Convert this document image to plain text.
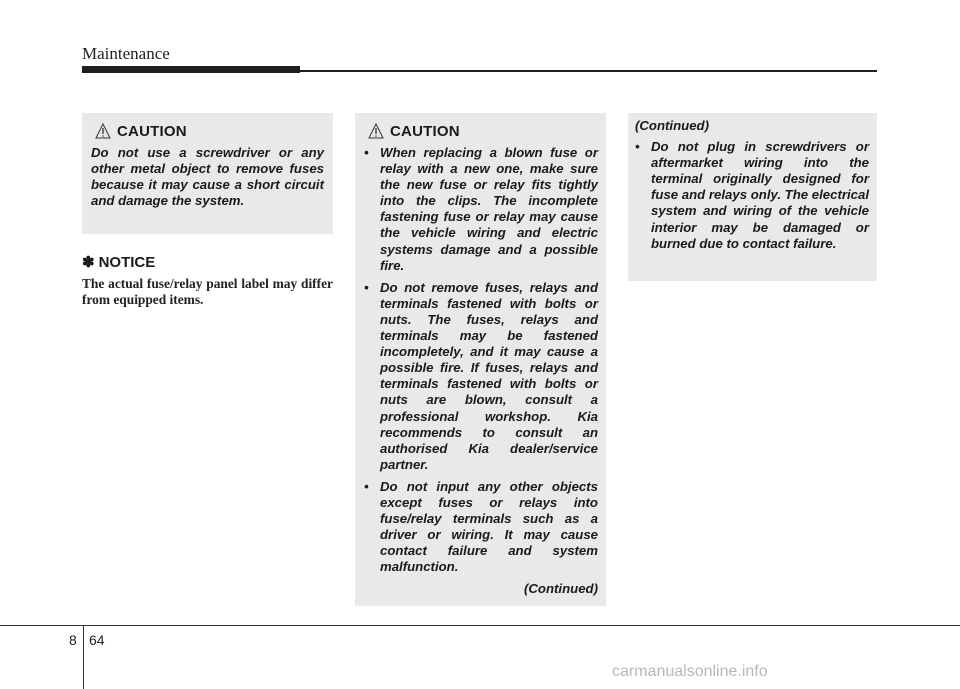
Maintenance
CAUTION
Do not use a screwdriver or any other metal object to remove fuses because it may cause a short circuit and damage the system.
✽ NOTICE
The actual fuse/relay panel label may differ from equipped items.
CAUTION
• When replacing a blown fuse or relay with a new one, make sure the new fuse or relay fits tightly into the clips. The incomplete fastening fuse or relay may cause the vehicle wiring and electric systems damage and a possible fire.
• Do not remove fuses, relays and terminals fastened with bolts or nuts. The fuses, relays and terminals may be fastened incompletely, and it may cause a possible fire. If fuses, relays and terminals fastened with bolts or nuts are blown, consult a professional workshop. Kia recommends to consult an authorised Kia dealer/service partner.
• Do not input any other objects except fuses or relays into fuse/relay terminals such as a driver or wiring. It may cause contact failure and system malfunction.
(Continued)
(Continued)
• Do not plug in screwdrivers or aftermarket wiring into the terminal originally designed for fuse and relays only. The electrical system and wiring of the vehicle interior may be damaged or burned due to contact failure.
8 64
carmanualsonline.info
